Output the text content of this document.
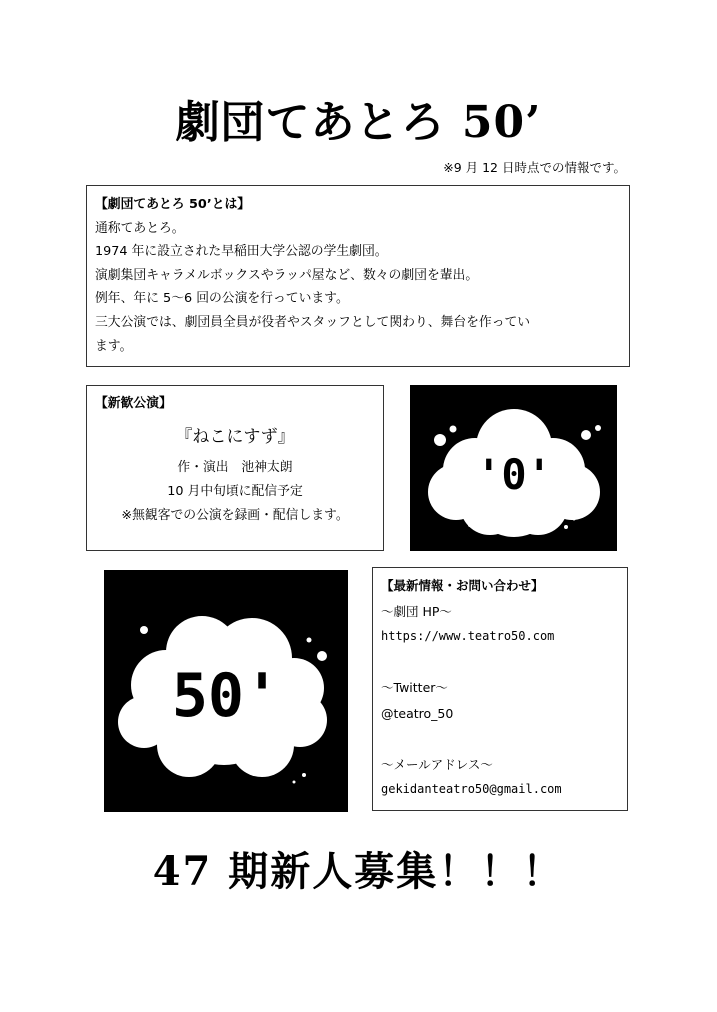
劇団てあとろ 50’
※9 月 12 日時点での情報です。
【劇団てあとろ 50’とは】
通称てあとろ。
1974 年に設立された早稲田大学公認の学生劇団。
演劇集団キャラメルボックスやラッパ屋など、数々の劇団を輩出。
例年、年に 5〜6 回の公演を行っています。
三大公演では、劇団員全員が役者やスタッフとして関わり、舞台を作ってい
ます。
【新歓公演】
『ねこにすず』
作・演出　池神太朗
10 月中旬頃に配信予定
※無観客での公演を録画・配信します。
'0'
50'
【最新情報・お問い合わせ】
〜劇団 HP〜
https://www.teatro50.com

〜Twitter〜
@teatro_50

〜メールアドレス〜
gekidanteatro50@gmail.com
47 期新人募集！！！
